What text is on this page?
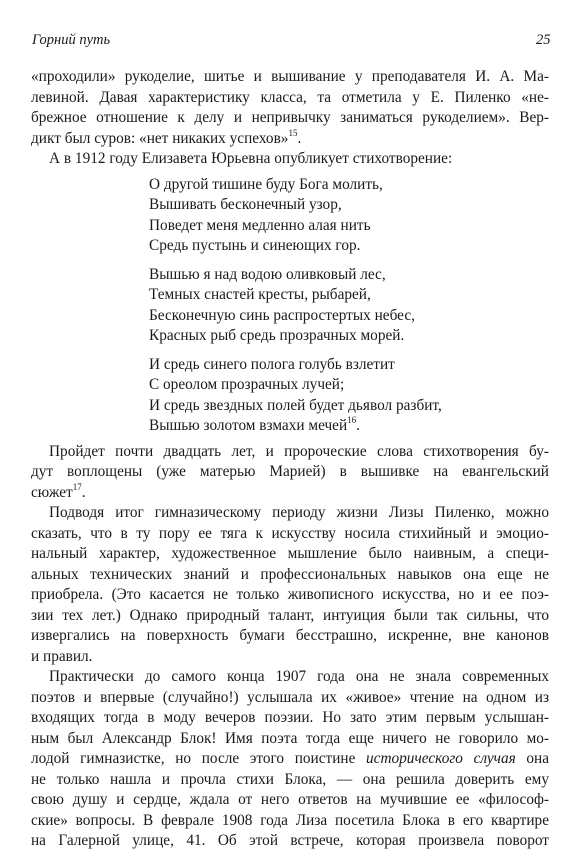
Горний путь	25
«проходили» рукоделие, шитье и вышивание у преподавателя И. А. Ма-
левиной. Давая характеристику класса, та отметила у Е. Пиленко «не-
брежное отношение к делу и непривычку заниматься рукоделием». Вер-
дикт был суров: «нет никаких успехов»$^{15}$.
А в 1912 году Елизавета Юрьевна опубликует стихотворение:
О другой тишине буду Бога молить,
Вышивать бесконечный узор,
Поведет меня медленно алая нить
Средь пустынь и синеющих гор.
Вышью я над водою оливковый лес,
Темных снастей кресты, рыбарей,
Бесконечную синь распростертых небес,
Красных рыб средь прозрачных морей.
И средь синего полога голубь взлетит
С ореолом прозрачных лучей;
И средь звездных полей будет дьявол разбит,
Вышью золотом взмахи мечей$^{16}$.
Пройдет почти двадцать лет, и пророческие слова стихотворения бу-
дут воплощены (уже матерью Марией) в вышивке на евангельский
сюжет$^{17}$.
Подводя итог гимназическому периоду жизни Лизы Пиленко, можно
сказать, что в ту пору ее тяга к искусству носила стихийный и эмоцио-
нальный характер, художественное мышление было наивным, а специ-
альных технических знаний и профессиональных навыков она еще не
приобрела. (Это касается не только живописного искусства, но и ее поэ-
зии тех лет.) Однако природный талант, интуиция были так сильны, что
извергались на поверхность бумаги бесстрашно, искренне, вне канонов
и правил.
Практически до самого конца 1907 года она не знала современных
поэтов и впервые (случайно!) услышала их «живое» чтение на одном из
входящих тогда в моду вечеров поэзии. Но зато этим первым услышан-
ным был Александр Блок! Имя поэта тогда еще ничего не говорило мо-
лодой гимназистке, но после этого поистине исторического случая она
не только нашла и прочла стихи Блока, — она решила доверить ему
свою душу и сердце, ждала от него ответов на мучившие ее «философ-
ские» вопросы. В феврале 1908 года Лиза посетила Блока в его квартире
на Галерной улице, 41. Об этой встрече, которая произвела поворот
